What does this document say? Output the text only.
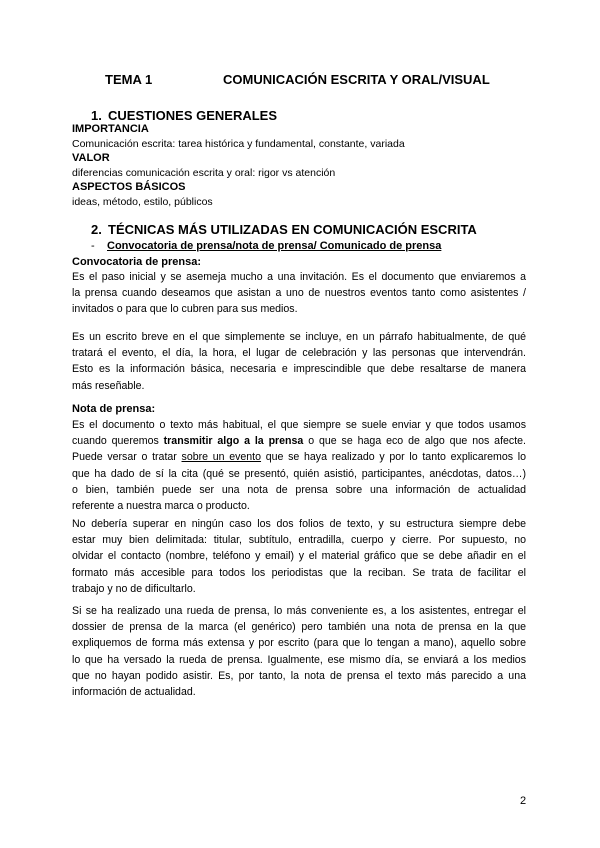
TEMA 1	COMUNICACIÓN ESCRITA Y ORAL/VISUAL
1. CUESTIONES GENERALES
IMPORTANCIA
Comunicación escrita: tarea histórica y fundamental, constante, variada
VALOR
diferencias comunicación escrita y oral: rigor vs atención
ASPECTOS BÁSICOS
ideas, método, estilo, públicos
2. TÉCNICAS MÁS UTILIZADAS EN COMUNICACIÓN ESCRITA
- Convocatoria de prensa/nota de prensa/ Comunicado de prensa
Convocatoria de prensa:
Es el paso inicial y se asemeja mucho a una invitación. Es el documento que enviaremos a
la prensa cuando deseamos que asistan a uno de nuestros eventos tanto como asistentes /
invitados o para que lo cubren para sus medios.
Es un escrito breve en el que simplemente se incluye, en un párrafo habitualmente, de qué
tratará el evento, el día, la hora, el lugar de celebración y las personas que intervendrán.
Esto es la información básica, necesaria e imprescindible que debe resaltarse de manera
más reseñable.
Nota de prensa:
Es el documento o texto más habitual, el que siempre se suele enviar y que todos usamos
cuando queremos transmitir algo a la prensa o que se haga eco de algo que nos afecte.
Puede versar o tratar sobre un evento que se haya realizado y por lo tanto explicaremos lo
que ha dado de sí la cita (qué se presentó, quién asistió, participantes, anécdotas, datos…)
o bien, también puede ser una nota de prensa sobre una información de actualidad
referente a nuestra marca o producto.
No debería superar en ningún caso los dos folios de texto, y su estructura siempre debe
estar muy bien delimitada: titular, subtítulo, entradilla, cuerpo y cierre. Por supuesto, no
olvidar el contacto (nombre, teléfono y email) y el material gráfico que se debe añadir en el
formato más accesible para todos los periodistas que la reciban. Se trata de facilitar el
trabajo y no de dificultarlo.
Si se ha realizado una rueda de prensa, lo más conveniente es, a los asistentes, entregar el
dossier de prensa de la marca (el genérico) pero también una nota de prensa en la que
expliquemos de forma más extensa y por escrito (para que lo tengan a mano), aquello sobre
lo que ha versado la rueda de prensa. Igualmente, ese mismo día, se enviará a los medios
que no hayan podido asistir. Es, por tanto, la nota de prensa el texto más parecido a una
información de actualidad.
2
